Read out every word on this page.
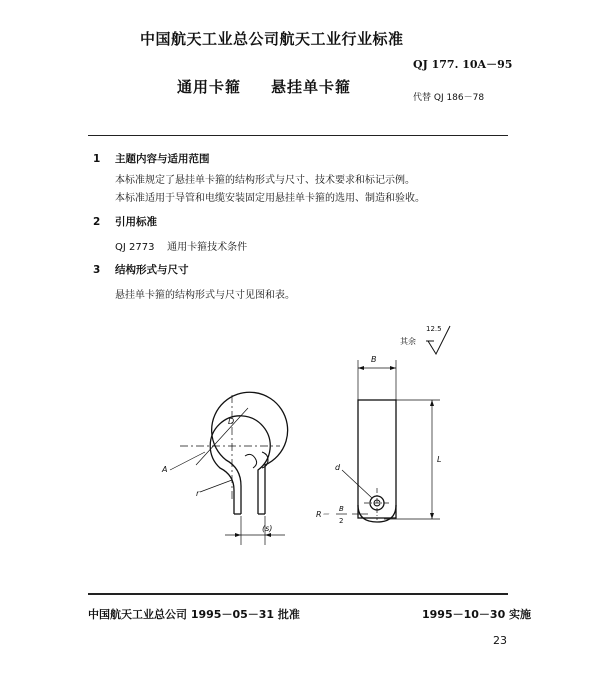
中国航天工业总公司航天工业行业标准
QJ 177. 10A－95
通用卡箍 悬挂单卡箍
代替 QJ 186－78
1 主题内容与适用范围
本标准规定了悬挂单卡箍的结构形式与尺寸、技术要求和标记示例。
本标准适用于导管和电缆安装固定用悬挂单卡箍的选用、制造和验收。
2 引用标准
QJ 2773    通用卡箍技术条件
3 结构形式与尺寸
悬挂单卡箍的结构形式与尺寸见图和表。
其余
12.5
D
A
r
(s)
B
L
d
R＝
B
2
中国航天工业总公司 1995－05－31 批准	1995－10－30 实施
23
